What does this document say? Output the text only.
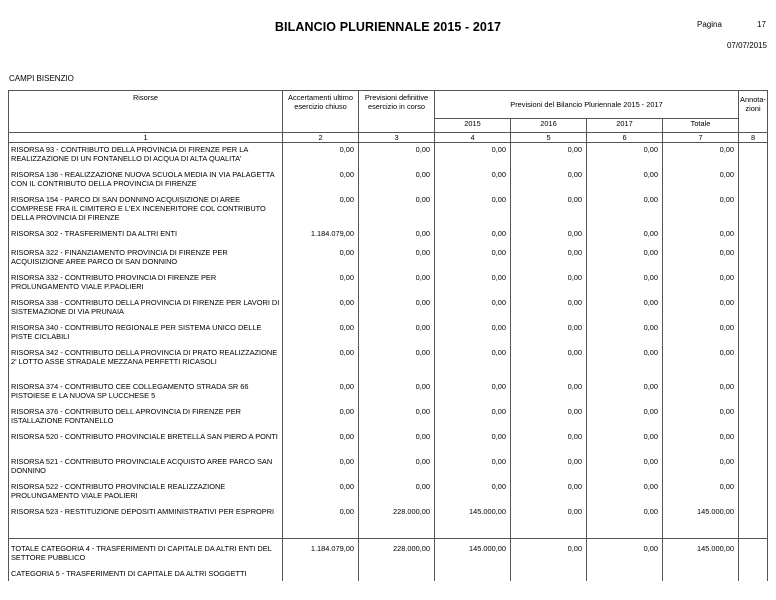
BILANCIO PLURIENNALE 2015 - 2017	Pagina	17
07/07/2015
CAMPI BISENZIO
Risorse	Accertamenti ultimo esercizio chiuso	Previsioni definitive esercizio in corso	Previsioni del Bilancio Pluriennale 2015 - 2017				Annota-zioni
			2015	2016	2017	Totale	
1	2	3	4	5	6	7	8
RISORSA 93 - CONTRIBUTO DELLA PROVINCIA DI FIRENZE PER LA REALIZZAZIONE DI UN FONTANELLO DI ACQUA DI ALTA QUALITA'	0,00	0,00	0,00	0,00	0,00	0,00	
RISORSA 136 - REALIZZAZIONE NUOVA SCUOLA MEDIA IN VIA PALAGETTA CON IL CONTRIBUTO DELLA PROVINCIA DI FIRENZE	0,00	0,00	0,00	0,00	0,00	0,00	
RISORSA 154 - PARCO DI SAN DONNINO ACQUISIZIONE DI AREE COMPRESE FRA IL CIMITERO E L'EX INCENERITORE COL CONTRIBUTO DELLA PROVINCIA DI FIRENZE	0,00	0,00	0,00	0,00	0,00	0,00	
RISORSA 302 - TRASFERIMENTI DA ALTRI ENTI	1.184.079,00	0,00	0,00	0,00	0,00	0,00	
RISORSA 322 - FINANZIAMENTO PROVINCIA DI FIRENZE PER ACQUISIZIONE AREE PARCO DI SAN DONNINO	0,00	0,00	0,00	0,00	0,00	0,00	
RISORSA 332 - CONTRIBUTO PROVINCIA DI FIRENZE PER PROLUNGAMENTO VIALE P.PAOLIERI	0,00	0,00	0,00	0,00	0,00	0,00	
RISORSA 338 - CONTRIBUTO DELLA PROVINCIA DI FIRENZE PER LAVORI DI SISTEMAZIONE DI VIA PRUNAIA	0,00	0,00	0,00	0,00	0,00	0,00	
RISORSA 340 - CONTRIBUTO REGIONALE PER SISTEMA UNICO DELLE PISTE CICLABILI	0,00	0,00	0,00	0,00	0,00	0,00	
RISORSA 342 - CONTRIBUTO DELLA PROVINCIA DI PRATO REALIZZAZIONE 2' LOTTO ASSE STRADALE MEZZANA PERFETTI RICASOLI	0,00	0,00	0,00	0,00	0,00	0,00	
RISORSA 374 - CONTRIBUTO CEE COLLEGAMENTO STRADA SR 66 PISTOIESE E LA NUOVA SP LUCCHESE 5	0,00	0,00	0,00	0,00	0,00	0,00	
RISORSA 376 - CONTRIBUTO DELL APROVINCIA DI FIRENZE PER ISTALLAZIONE FONTANELLO	0,00	0,00	0,00	0,00	0,00	0,00	
RISORSA 520 - CONTRIBUTO PROVINCIALE BRETELLA SAN PIERO A PONTI	0,00	0,00	0,00	0,00	0,00	0,00	
RISORSA 521 - CONTRIBUTO PROVINCIALE ACQUISTO AREE PARCO SAN DONNINO	0,00	0,00	0,00	0,00	0,00	0,00	
RISORSA 522 - CONTRIBUTO PROVINCIALE REALIZZAZIONE PROLUNGAMENTO VIALE PAOLIERI	0,00	0,00	0,00	0,00	0,00	0,00	
RISORSA 523 - RESTITUZIONE DEPOSITI AMMINISTRATIVI PER ESPROPRI	0,00	228.000,00	145.000,00	0,00	0,00	145.000,00	
TOTALE CATEGORIA 4 - TRASFERIMENTI DI CAPITALE DA ALTRI ENTI DEL SETTORE PUBBLICO	1.184.079,00	228.000,00	145.000,00	0,00	0,00	145.000,00	
CATEGORIA 5 - TRASFERIMENTI DI CAPITALE DA ALTRI SOGGETTI							
